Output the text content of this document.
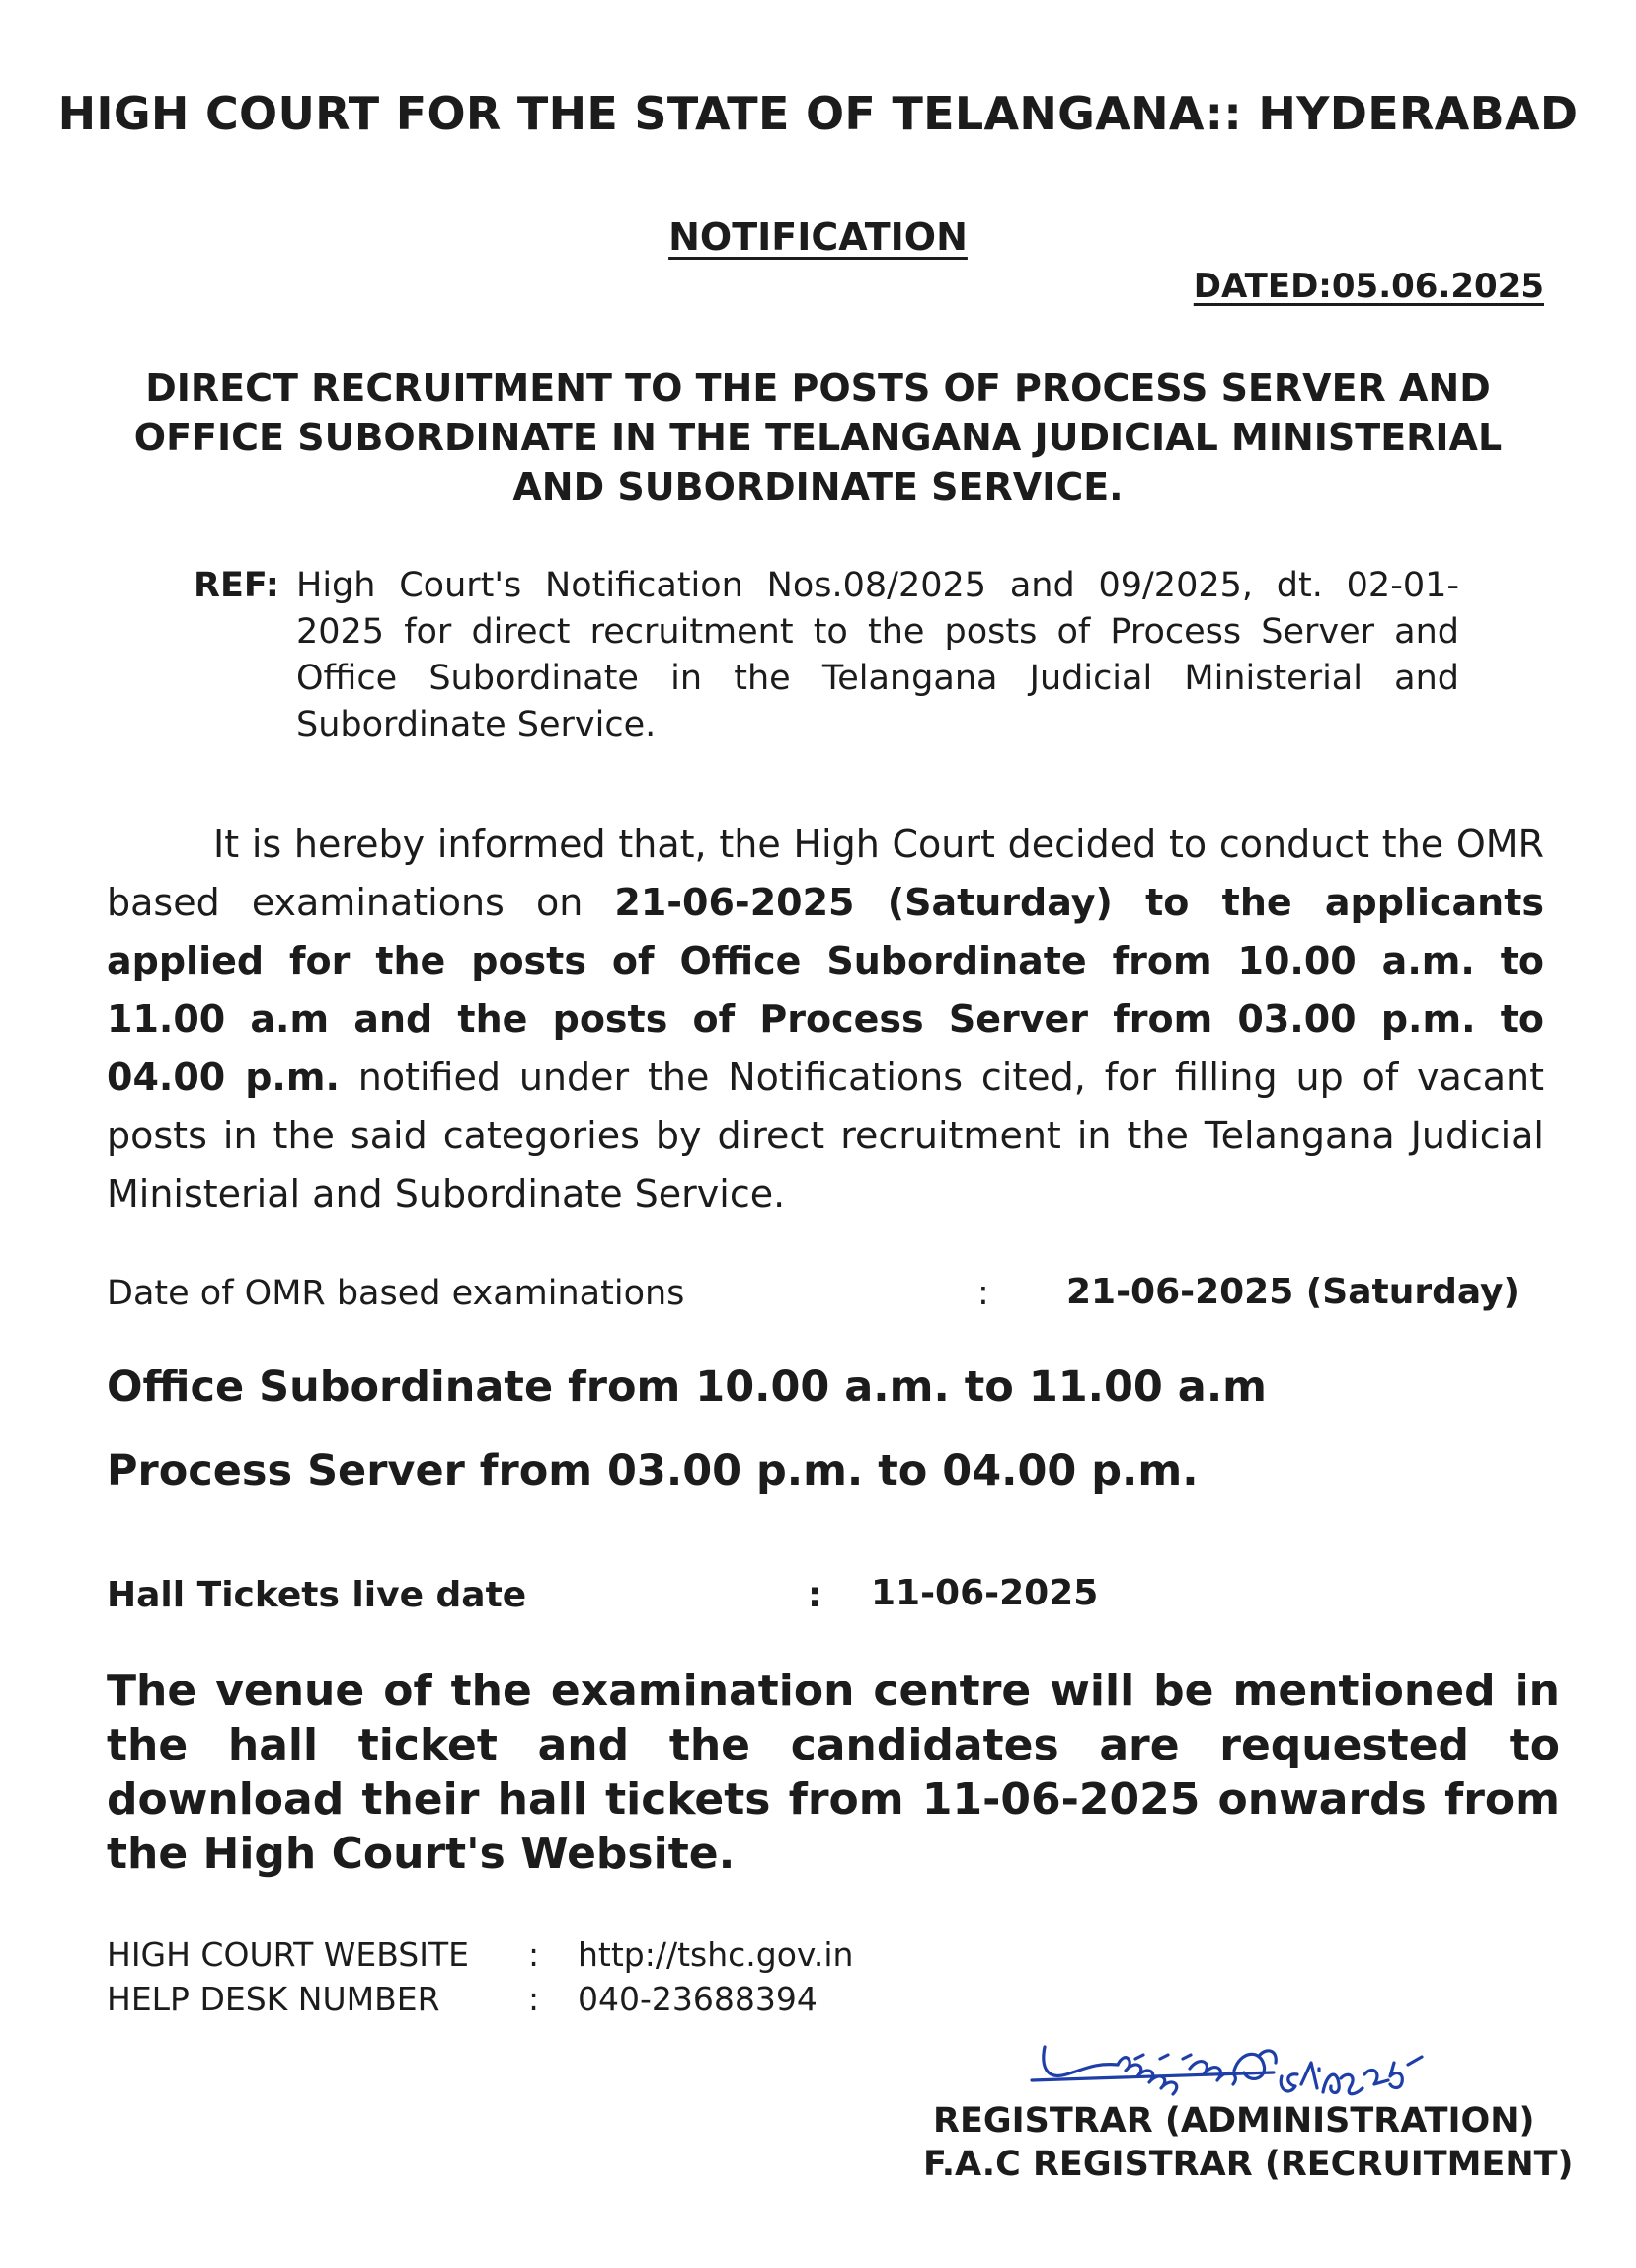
HIGH COURT FOR THE STATE OF TELANGANA:: HYDERABAD
NOTIFICATION
DATED:05.06.2025
DIRECT RECRUITMENT TO THE POSTS OF PROCESS SERVER AND
OFFICE SUBORDINATE IN THE TELANGANA JUDICIAL MINISTERIAL
AND SUBORDINATE SERVICE.
REF: High Court's Notification Nos.08/2025 and 09/2025, dt. 02-01-2025 for direct recruitment to the posts of Process Server and Office Subordinate in the Telangana Judicial Ministerial and Subordinate Service.
It is hereby informed that, the High Court decided to conduct the OMR based examinations on 21-06-2025 (Saturday) to the applicants applied for the posts of Office Subordinate from 10.00 a.m. to 11.00 a.m and the posts of Process Server from 03.00 p.m. to 04.00 p.m. notified under the Notifications cited, for filling up of vacant posts in the said categories by direct recruitment in the Telangana Judicial Ministerial and Subordinate Service.
Date of OMR based examinations	: 21-06-2025 (Saturday)
Office Subordinate from 10.00 a.m. to 11.00 a.m
Process Server from 03.00 p.m. to 04.00 p.m.
Hall Tickets live date	: 11-06-2025
The venue of the examination centre will be mentioned in the hall ticket and the candidates are requested to download their hall tickets from 11-06-2025 onwards from the High Court's Website.
HIGH COURT WEBSITE : http://tshc.gov.in
HELP DESK NUMBER	: 040-23688394
REGISTRAR (ADMINISTRATION)
F.A.C REGISTRAR (RECRUITMENT)
